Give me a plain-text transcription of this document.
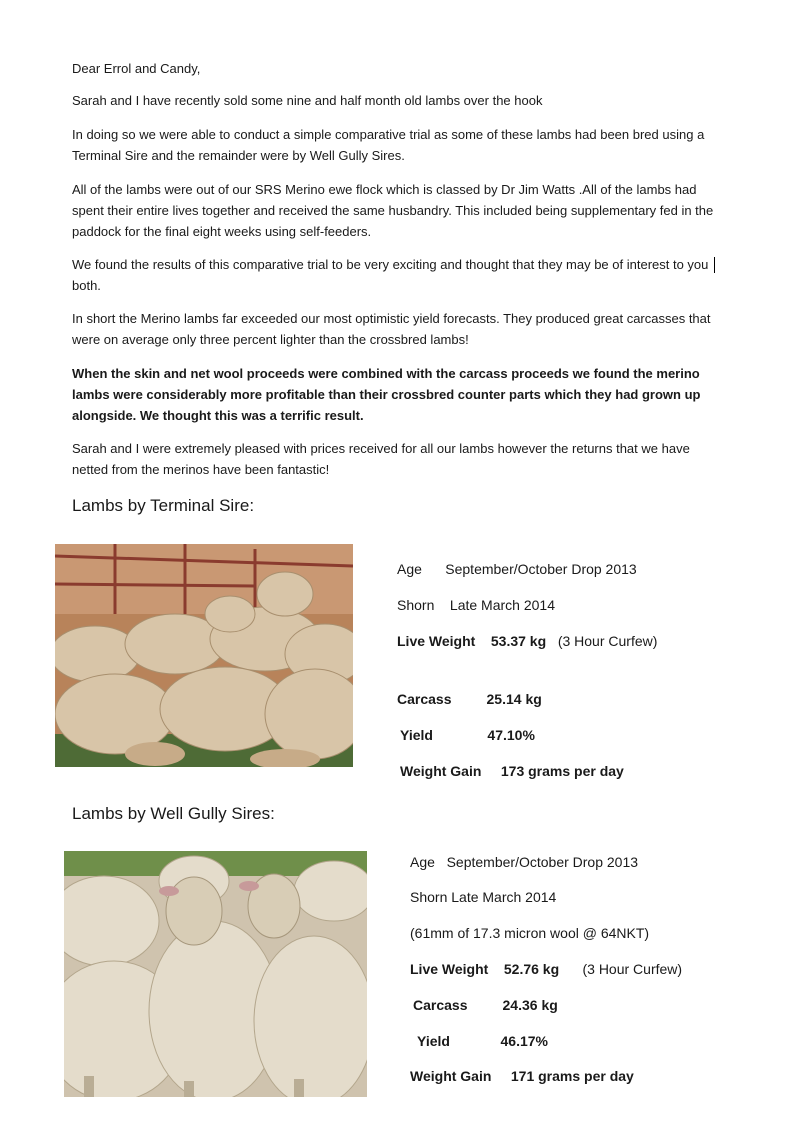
Dear Errol and Candy,

Sarah and I have recently sold some nine and half month old lambs over the hook

In doing so we were able to conduct a simple comparative trial as some of these lambs had been bred using a Terminal Sire and the remainder were by Well Gully Sires.

All of the lambs were out of our SRS Merino ewe flock which is classed by Dr Jim Watts .All of the lambs had spent their entire lives together and received the same husbandry. This included being supplementary fed in the paddock for the final eight weeks using self-feeders.

We found the results of this comparative trial to be very exciting and thought that they may be of interest to you both.

In short the Merino lambs far exceeded our most optimistic yield forecasts. They produced great carcasses that were on average only three percent lighter than the crossbred lambs!

When the skin and net wool proceeds were combined with the carcass proceeds we found the merino lambs were considerably more profitable than their crossbred counter parts which they had grown up alongside. We thought this was a terrific result.

Sarah and I were extremely pleased with prices received for all our lambs however the returns that we have netted from the merinos have been fantastic!

Lambs by Terminal Sire:

Age September/October Drop 2013

Shorn Late March 2014

Live Weight 53.37 kg (3 Hour Curfew)

Carcass	25.14 kg

Yield	47.10%

Weight Gain 173 grams per day

Lambs by Well Gully Sires:

Age September/October Drop 2013

Shorn Late March 2014

(61mm of 17.3 micron wool @ 64NKT)

Live Weight 52.76 kg (3 Hour Curfew)

Carcass	24.36 kg

Yield	46.17%

Weight Gain 171 grams per day
